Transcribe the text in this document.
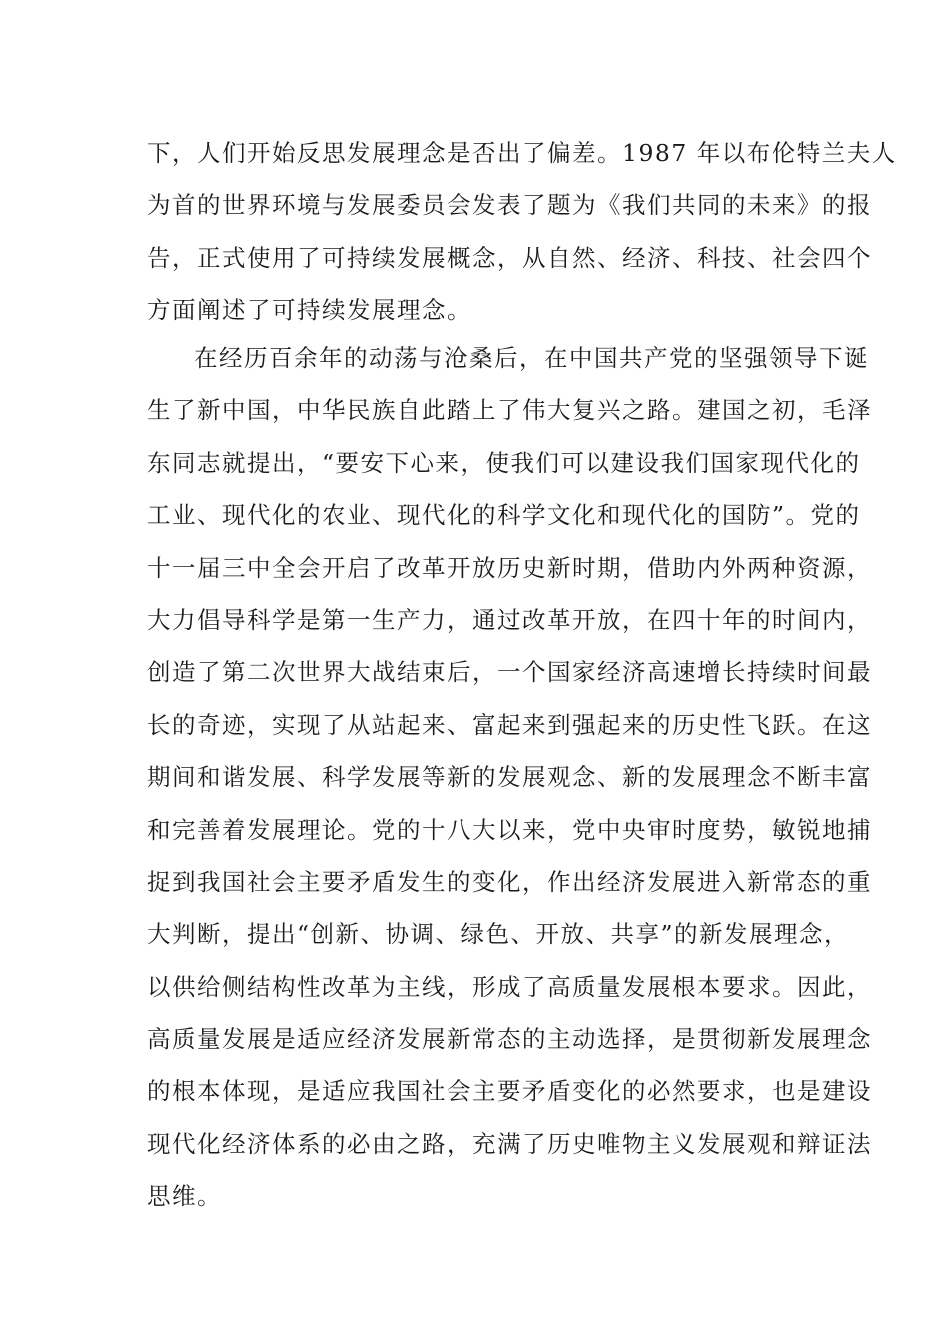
下，人们开始反思发展理念是否出了偏差。1987 年以布伦特兰夫人
为首的世界环境与发展委员会发表了题为《我们共同的未来》的报
告，正式使用了可持续发展概念，从自然、经济、科技、社会四个
方面阐述了可持续发展理念。
在经历百余年的动荡与沧桑后，在中国共产党的坚强领导下诞
生了新中国，中华民族自此踏上了伟大复兴之路。建国之初，毛泽
东同志就提出，“要安下心来，使我们可以建设我们国家现代化的
工业、现代化的农业、现代化的科学文化和现代化的国防”。党的
十一届三中全会开启了改革开放历史新时期，借助内外两种资源，
大力倡导科学是第一生产力，通过改革开放，在四十年的时间内，
创造了第二次世界大战结束后，一个国家经济高速增长持续时间最
长的奇迹，实现了从站起来、富起来到强起来的历史性飞跃。在这
期间和谐发展、科学发展等新的发展观念、新的发展理念不断丰富
和完善着发展理论。党的十八大以来，党中央审时度势，敏锐地捕
捉到我国社会主要矛盾发生的变化，作出经济发展进入新常态的重
大判断，提出“创新、协调、绿色、开放、共享”的新发展理念，
以供给侧结构性改革为主线，形成了高质量发展根本要求。因此，
高质量发展是适应经济发展新常态的主动选择，是贯彻新发展理念
的根本体现，是适应我国社会主要矛盾变化的必然要求，也是建设
现代化经济体系的必由之路，充满了历史唯物主义发展观和辩证法
思维。
